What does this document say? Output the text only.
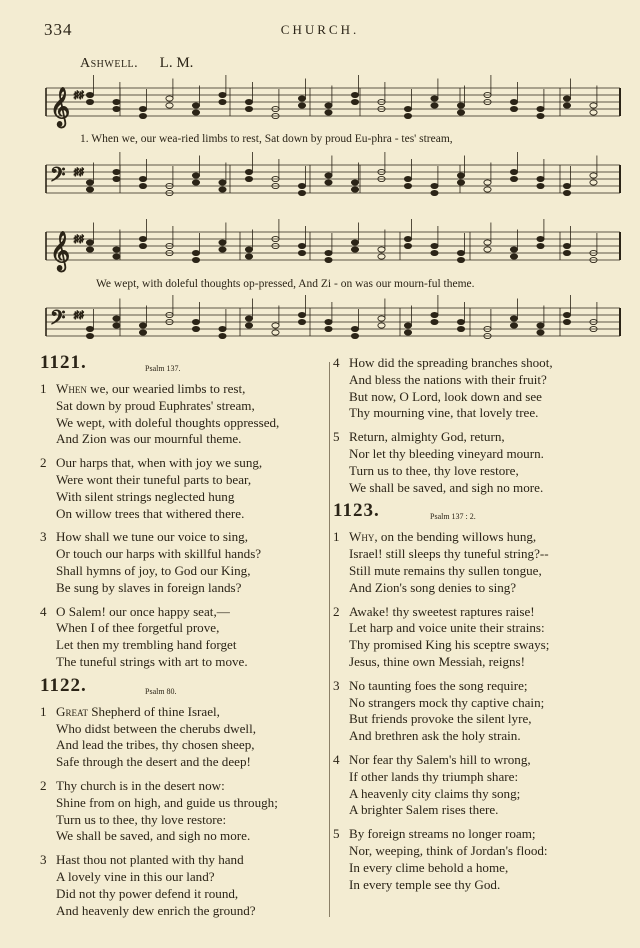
334	CHURCH.
Ashwell. L. M.
𝄞 ♯♯
𝄢 ♯♯
𝄞 ♯♯
𝄢 ♯♯
1. When we, our wea-ried limbs to rest, Sat down by proud Eu-phra - tes' stream,
We wept, with doleful thoughts op-pressed, And Zi - on was our mourn-ful theme.
1121.	Psalm 137.
1 When we, our wearied limbs to rest,
Sat down by proud Euphrates' stream,
We wept, with doleful thoughts oppressed,
And Zion was our mournful theme.
2 Our harps that, when with joy we sung,
Were wont their tuneful parts to bear,
With silent strings neglected hung
On willow trees that withered there.
3 How shall we tune our voice to sing,
Or touch our harps with skillful hands?
Shall hymns of joy, to God our King,
Be sung by slaves in foreign lands?
4 O Salem! our once happy seat,—
When I of thee forgetful prove,
Let then my trembling hand forget
The tuneful strings with art to move.
1122.	Psalm 80.
1 Great Shepherd of thine Israel,
Who didst between the cherubs dwell,
And lead the tribes, thy chosen sheep,
Safe through the desert and the deep!
2 Thy church is in the desert now:
Shine from on high, and guide us through;
Turn us to thee, thy love restore:
We shall be saved, and sigh no more.
3 Hast thou not planted with thy hand
A lovely vine in this our land?
Did not thy power defend it round,
And heavenly dew enrich the ground?
4 How did the spreading branches shoot,
And bless the nations with their fruit?
But now, O Lord, look down and see
Thy mourning vine, that lovely tree.
5 Return, almighty God, return,
Nor let thy bleeding vineyard mourn.
Turn us to thee, thy love restore,
We shall be saved, and sigh no more.
1123.	Psalm 137 : 2.
1 Why, on the bending willows hung,
Israel! still sleeps thy tuneful string?--
Still mute remains thy sullen tongue,
And Zion's song denies to sing?
2 Awake! thy sweetest raptures raise!
Let harp and voice unite their strains:
Thy promised King his sceptre sways;
Jesus, thine own Messiah, reigns!
3 No taunting foes the song require;
No strangers mock thy captive chain;
But friends provoke the silent lyre,
And brethren ask the holy strain.
4 Nor fear thy Salem's hill to wrong,
If other lands thy triumph share:
A heavenly city claims thy song;
A brighter Salem rises there.
5 By foreign streams no longer roam;
Nor, weeping, think of Jordan's flood:
In every clime behold a home,
In every temple see thy God.
